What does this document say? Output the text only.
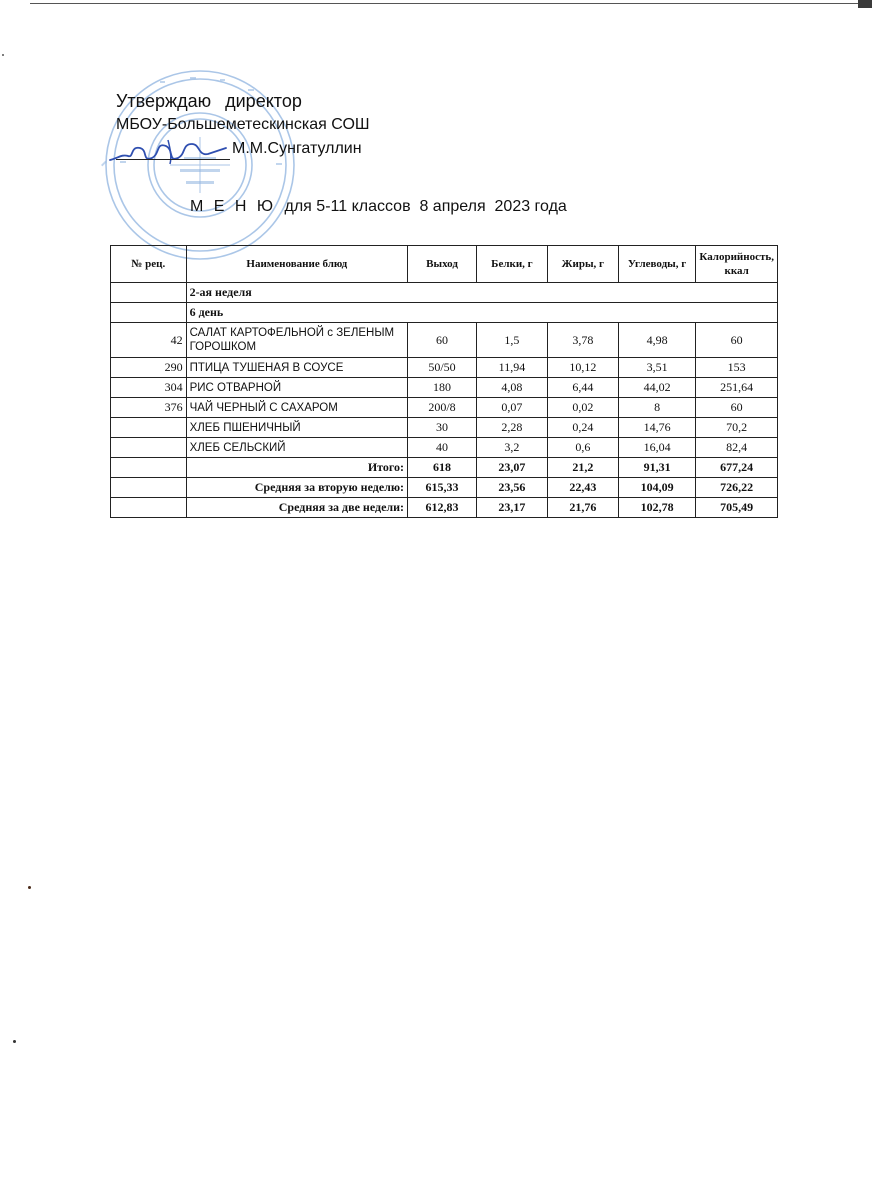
Утверждаю директор
МБОУ-Большеметескинская СОШ
М.М.Сунгатуллин
М Е Н Ю для 5-11 классов  8 апреля  2023 года
№ рец.	Наименование блюд	Выход	Белки, г	Жиры, г	Углеводы, г	Калорийность, ккал
	2-ая неделя					
	6 день					
42	САЛАТ КАРТОФЕЛЬНОЙ с ЗЕЛЕНЫМ ГОРОШКОМ	60	1,5	3,78	4,98	60
290	ПТИЦА ТУШЕНАЯ В СОУСЕ	50/50	11,94	10,12	3,51	153
304	РИС ОТВАРНОЙ	180	4,08	6,44	44,02	251,64
376	ЧАЙ ЧЕРНЫЙ С САХАРОМ	200/8	0,07	0,02	8	60
	ХЛЕБ ПШЕНИЧНЫЙ	30	2,28	0,24	14,76	70,2
	ХЛЕБ СЕЛЬСКИЙ	40	3,2	0,6	16,04	82,4
	Итого:	618	23,07	21,2	91,31	677,24
	Средняя за вторую неделю:	615,33	23,56	22,43	104,09	726,22
	Средняя за две недели:	612,83	23,17	21,76	102,78	705,49
